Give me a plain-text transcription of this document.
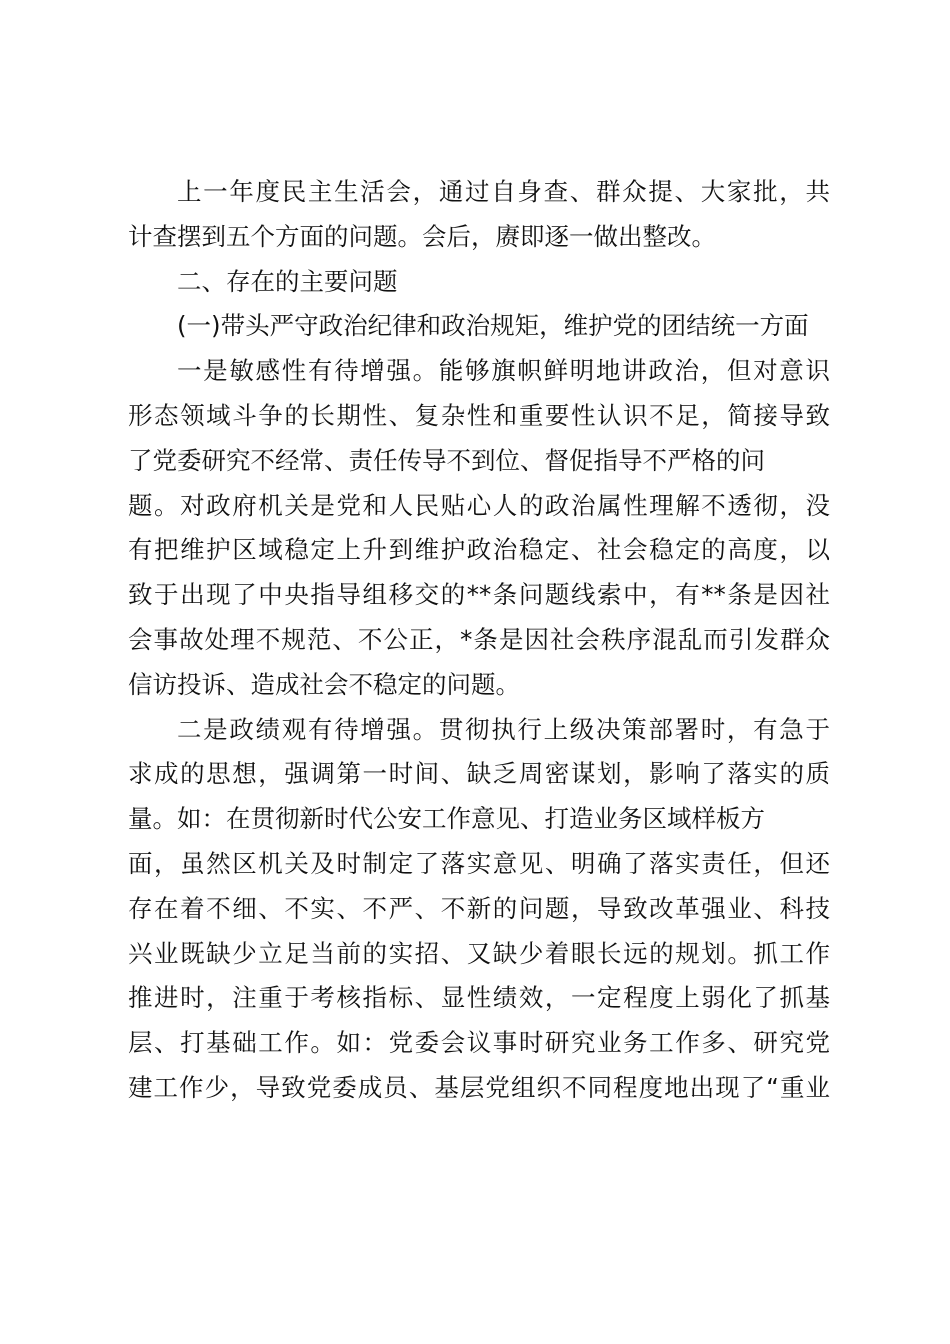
上一年度民主生活会，通过自身查、群众提、大家批，共
计查摆到五个方面的问题。会后，赓即逐一做出整改。
二、存在的主要问题
(一)带头严守政治纪律和政治规矩，维护党的团结统一方面
一是敏感性有待增强。能够旗帜鲜明地讲政治，但对意识
形态领域斗争的长期性、复杂性和重要性认识不足，简接导致
了党委研究不经常、责任传导不到位、督促指导不严格的问
题。对政府机关是党和人民贴心人的政治属性理解不透彻，没
有把维护区域稳定上升到维护政治稳定、社会稳定的高度，以
致于出现了中央指导组移交的**条问题线索中，有**条是因社
会事故处理不规范、不公正，*条是因社会秩序混乱而引发群众
信访投诉、造成社会不稳定的问题。
二是政绩观有待增强。贯彻执行上级决策部署时，有急于
求成的思想，强调第一时间、缺乏周密谋划，影响了落实的质
量。如：在贯彻新时代公安工作意见、打造业务区域样板方
面，虽然区机关及时制定了落实意见、明确了落实责任，但还
存在着不细、不实、不严、不新的问题，导致改革强业、科技
兴业既缺少立足当前的实招、又缺少着眼长远的规划。抓工作
推进时，注重于考核指标、显性绩效，一定程度上弱化了抓基
层、打基础工作。如：党委会议事时研究业务工作多、研究党
建工作少，导致党委成员、基层党组织不同程度地出现了“重业
